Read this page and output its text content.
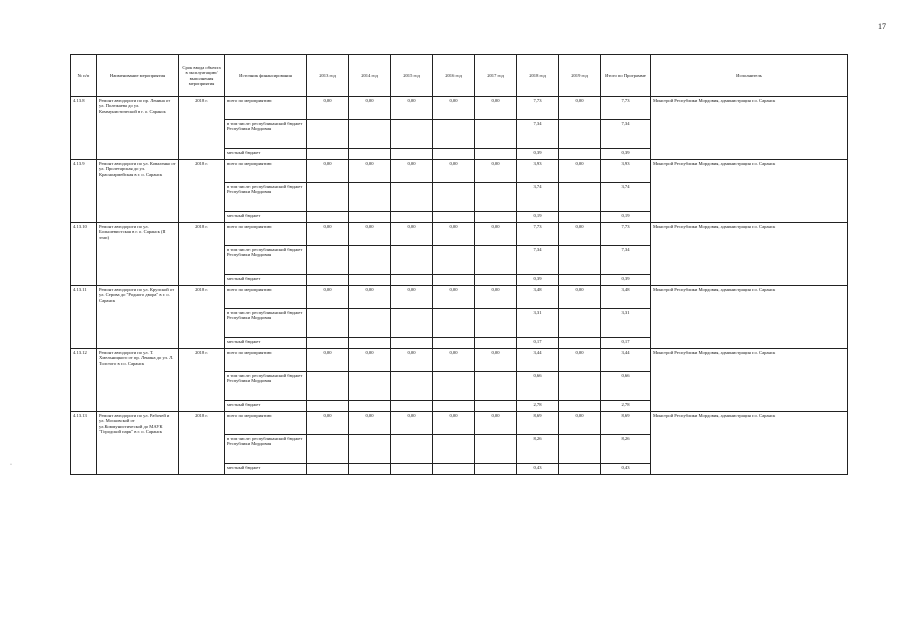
17
№ п/п	Наименование мероприятия	Срок ввода объекта в эксплуатацию/ выполнения мероприятия	Источник финансирования	2013 год	2014 год	2015 год	2016 год	2017 год	2018 год	2019 год	Итого по Программе	Исполнитель
4.13.8	Ремонт автодороги по пр. Ленина от ул. Полежаева до ул. Коммунистической в г. о. Саранск	2018 г.	всего по мероприятию:	0,00	0,00	0,00	0,00	0,00	7,73	0,00	7,73	Минстрой Республики Мордовия, администрация г.о. Саранск
			в том числе: республиканский бюджет Республики Мордовия						7,34		7,34	
			местный бюджет						0,39		0,39	
4.13.9	Ремонт автодороги по ул. Коваленко от ул. Пролетарская до ул. Красноармейская в г. о. Саранск	2018 г.	всего по мероприятию:	0,00	0,00	0,00	0,00	0,00	3,93	0,00	3,93	Минстрой Республики Мордовия, администрация г.о. Саранск
			в том числе: республиканский бюджет Республики Мордовия						3,74		3,74	
			местный бюджет						0,19		0,19	
4.13.10	Ремонт автодороги по ул. Большевистская в г. о. Саранск (II этап)	2018 г.	всего по мероприятию:	0,00	0,00	0,00	0,00	0,00	7,73	0,00	7,73	Минстрой Республики Мордовия, администрация г.о. Саранск
			в том числе: республиканский бюджет Республики Мордовия						7,34		7,34	
			местный бюджет						0,39		0,39	
4.13.11	Ремонт автодороги по ул. Крупской от ул. Серова до "Родного двора" в г. о. Саранск	2018 г.	всего по мероприятию:	0,00	0,00	0,00	0,00	0,00	3,48	0,00	3,48	Минстрой Республики Мордовия, администрация г.о. Саранск
			в том числе: республиканский бюджет Республики Мордовия						3,31		3,31	
			местный бюджет						0,17		0,17	
4.13.12	Ремонт автодороги по ул. Т. Хмельницкого от пр. Ленина до ул. Л. Толстого в г.о. Саранск	2018 г.	всего по мероприятию:	0,00	0,00	0,00	0,00	0,00	3,44	0,00	3,44	Минстрой Республики Мордовия, администрация г.о. Саранск
			в том числе: республиканский бюджет Республики Мордовия						0,66		0,66	
			местный бюджет						2,78		2,78	
4.13.13	Ремонт автодороги по ул. Рабочей и ул. Московской от ул.Коммунистической до МАУК "Городской парк" в г. о. Саранск	2018 г.	всего по мероприятию:	0,00	0,00	0,00	0,00	0,00	8,69	0,00	8,69	Минстрой Республики Мордовия, администрация г.о. Саранск
			в том числе: республиканский бюджет Республики Мордовия						8,26		8,26	
			местный бюджет						0,43		0,43	
·
